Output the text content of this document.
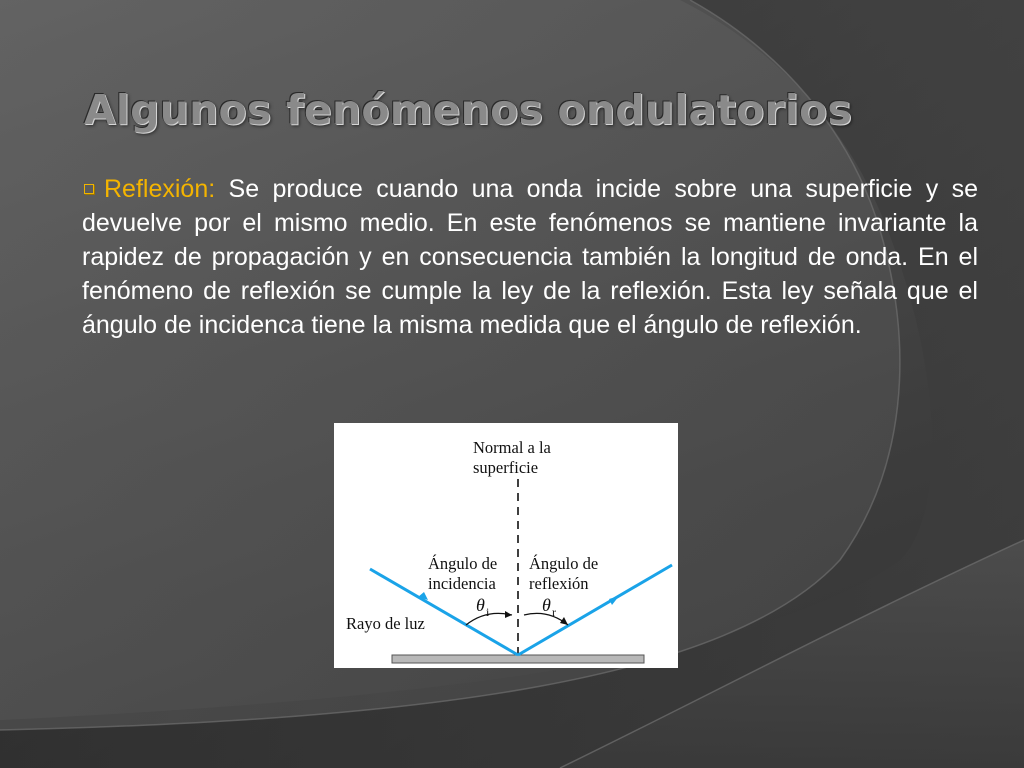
Algunos fenómenos ondulatorios

Reflexión: Se produce cuando una onda incide sobre una superficie y se devuelve por el mismo medio. En este fenómenos se mantiene invariante la rapidez de propagación y en consecuencia también la longitud de onda. En el fenómeno de reflexión se cumple la ley de la reflexión. Esta ley señala que el ángulo de incidenca tiene la misma medida que el ángulo de reflexión.

Normal a la
superficie
Ángulo de
incidencia
Ángulo de
reflexión
Rayo de luz
θ i	θ r
